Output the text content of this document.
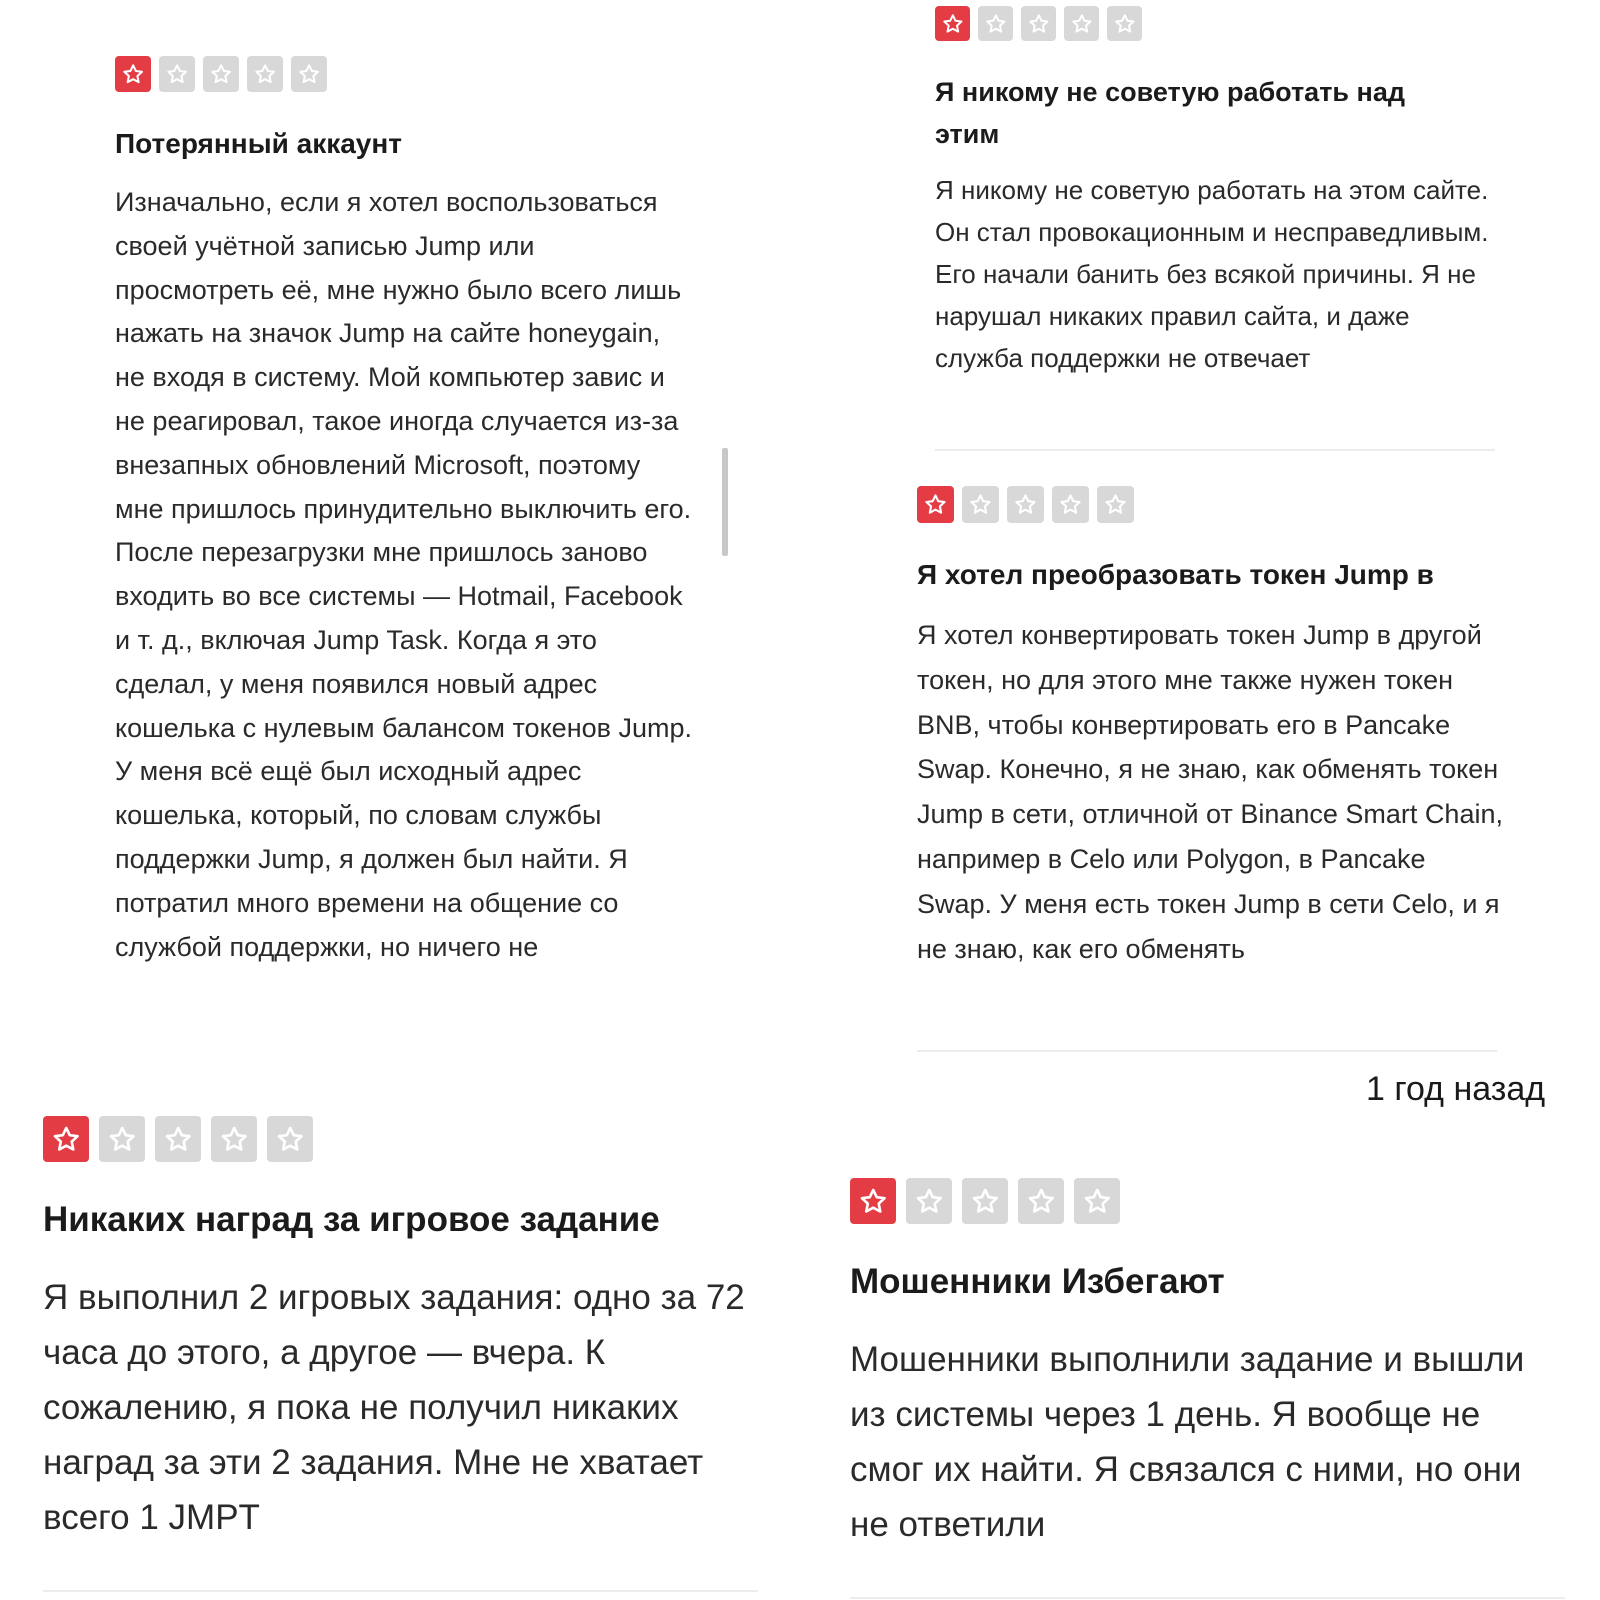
Потерянный аккаунт

Изначально, если я хотел воспользоваться своей учётной записью Jump или просмотреть её, мне нужно было всего лишь нажать на значок Jump на сайте honeygain, не входя в систему. Мой компьютер завис и не реагировал, такое иногда случается из-за внезапных обновлений Microsoft, поэтому мне пришлось принудительно выключить его. После перезагрузки мне пришлось заново входить во все системы — Hotmail, Facebook и т. д., включая Jump Task. Когда я это сделал, у меня появился новый адрес кошелька с нулевым балансом токенов Jump. У меня всё ещё был исходный адрес кошелька, который, по словам службы поддержки Jump, я должен был найти. Я потратил много времени на общение со службой поддержки, но ничего не

Я никому не советую работать над этим

Я никому не советую работать на этом сайте. Он стал провокационным и несправедливым. Его начали банить без всякой причины. Я не нарушал никаких правил сайта, и даже служба поддержки не отвечает

Я хотел преобразовать токен Jump в

Я хотел конвертировать токен Jump в другой токен, но для этого мне также нужен токен BNB, чтобы конвертировать его в Pancake Swap. Конечно, я не знаю, как обменять токен Jump в сети, отличной от Binance Smart Chain, например в Celo или Polygon, в Pancake Swap. У меня есть токен Jump в сети Celo, и я не знаю, как его обменять

1 год назад
Никаких наград за игровое задание

Я выполнил 2 игровых задания: одно за 72 часа до этого, а другое — вчера. К сожалению, я пока не получил никаких наград за эти 2 задания. Мне не хватает всего 1 JMPT

Мошенники Избегают

Мошенники выполнили задание и вышли из системы через 1 день. Я вообще не смог их найти. Я связался с ними, но они не ответили
